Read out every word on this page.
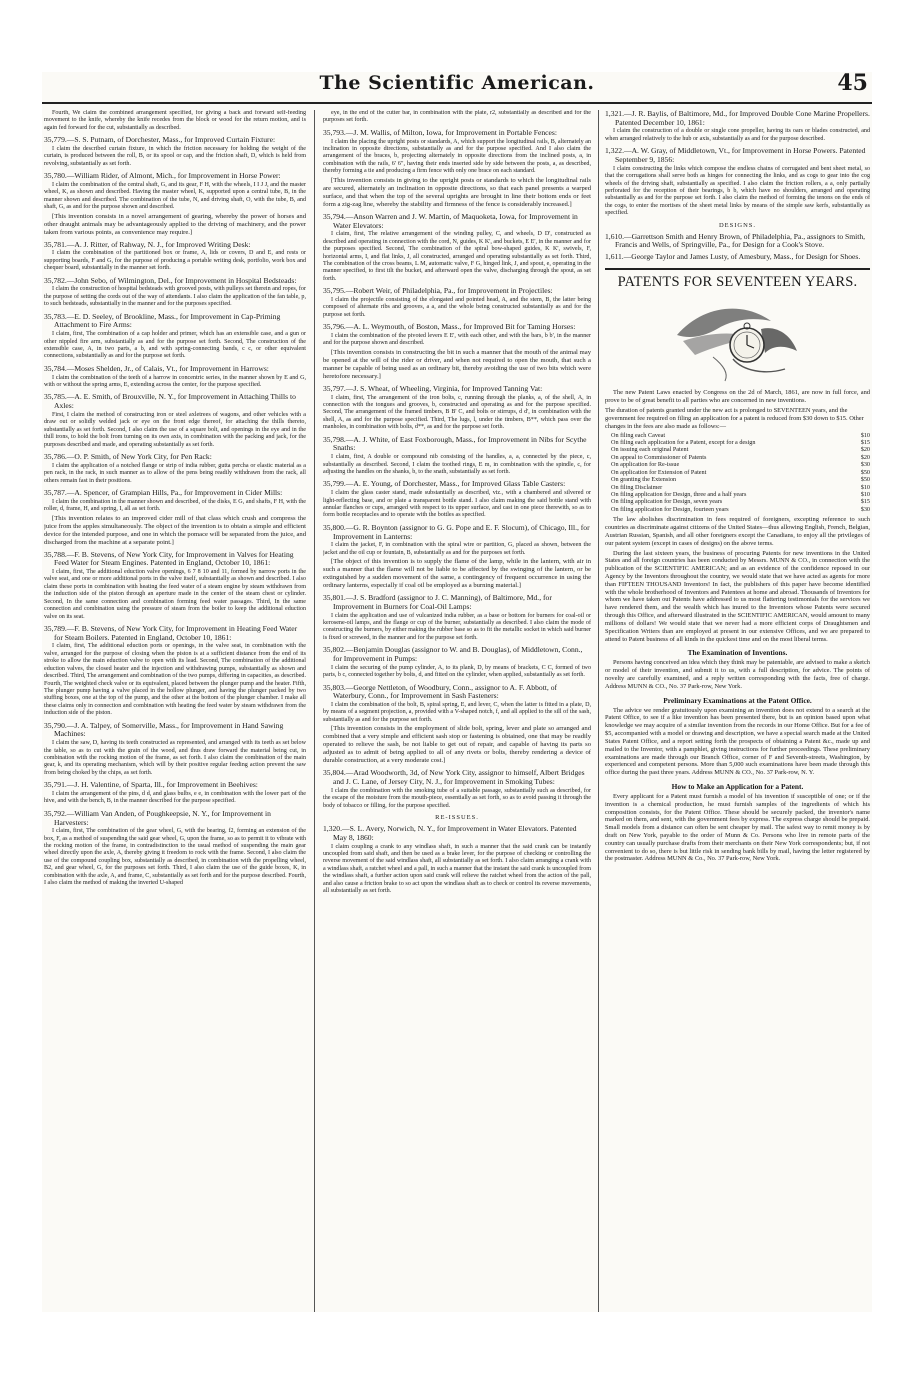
The Scientific American.	45
Fourth, We claim the combined arrangement specified, for giving a back and forward self-feeding movement to the knife, whereby the knife recedes from the block or wood for the return motion, and is again fed forward for the cut, substantially as described.
35,779.—S. S. Putnam, of Dorchester, Mass., for Improved Curtain Fixture:
I claim the described curtain fixture, in which the friction necessary for holding the weight of the curtain, is produced between the roll, B, or its spool or cap, and the friction shaft, D, which is held from revolving, substantially as set forth.
35,780.—William Rider, of Almont, Mich., for Improvement in Horse Power:
I claim the combination of the central shaft, G, and its gear, F H, with the wheels, I I J J, and the master wheel, K, as shown and described. Having the master wheel, K, supported upon a central tube, B, in the manner shown and described. The combination of the tube, N, and driving shaft, O, with the tube, B, and shaft, G, as and for the purpose shown and described.
[This invention consists in a novel arrangement of gearing, whereby the power of horses and other draught animals may be advantageously applied to the driving of machinery, and the power taken from various points, as convenience may require.]
35,781.—A. J. Ritter, of Rahway, N. J., for Improved Writing Desk:
I claim the combination of the partitioned box or frame, A, lids or covers, D and E, and rests or supporting boards, F and G, for the purpose of producing a portable writing desk, portfolio, work box and chequer board, substantially in the manner set forth.
35,782.—John Sebo, of Wilmington, Del., for Improvement in Hospital Bedsteads:
I claim the construction of hospital bedsteads with grooved posts, with pulleys set therein and ropes, for the purpose of setting the cords out of the way of attendants. I also claim the application of the fan table, p, to such bedsteads, substantially in the manner and for the purposes specified.
35,783.—E. D. Seeley, of Brookline, Mass., for Improvement in Cap-Priming Attachment to Fire Arms:
I claim, first, The combination of a cap holder and primer, which has an extensible case, and a gun or other nippled fire arm, substantially as and for the purpose set forth. Second, The construction of the extensible case, A, in two parts, a b, and with spring-connecting bands, c c, or other equivalent connections, substantially as and for the purpose set forth.
35,784.—Moses Shelden, Jr., of Calais, Vt., for Improvement in Harrows:
I claim the combination of the teeth of a harrow in concentric series, in the manner shown by E and G, with or without the spring arms, E, extending across the center, for the purpose specified.
35,785.—A. E. Smith, of Brouxville, N. Y., for Improvement in Attaching Thills to Axles:
First, I claim the method of constructing iron or steel axletrees of wagons, and other vehicles with a draw out or solidly welded jack or eye on the front edge thereof, for attaching the thills thereto, substantially as set forth. Second, I also claim the use of a square bolt, and openings in the eye and in the thill irons, to hold the bolt from turning on its own axis, in combination with the packing and jack, for the purposes described and made, and operating substantially as set forth.
35,786.—O. P. Smith, of New York City, for Pen Rack:
I claim the application of a notched flange or strip of india rubber, gutta percha or elastic material as a pen rack, in the rack, in such manner as to allow of the pens being readily withdrawn from the rack, all others remain fast in their positions.
35,787.—A. Spencer, of Grampian Hills, Pa., for Improvement in Cider Mills:
I claim the combination in the manner shown and described, of the disks, E G, and shafts, F H, with the roller, d, frame, H, and spring, I, all as set forth.
[This invention relates to an improved cider mill of that class which crush and compress the juice from the apples simultaneously. The object of the invention is to obtain a simple and efficient device for the intended purpose, and one in which the pomace will be separated from the juice, and discharged from the machine at a separate point.]
35,788.—F. B. Stevens, of New York City, for Improvement in Valves for Heating Feed Water for Steam Engines. Patented in England, October 10, 1861:
I claim, first, The additional eduction valve openings, 6 7 8 10 and 11, formed by narrow ports in the valve seat, and one or more additional ports in the valve itself, substantially as shown and described. I also claim these ports in combination with heating the feed water of a steam engine by steam withdrawn from the induction side of the piston through an aperture made in the center of the steam chest or cylinder. Second, In the same connection and combination forming feed water passages. Third, In the same connection and combination using the pressure of steam from the boiler to keep the additional eduction valve on its seat.
35,789.—F. B. Stevens, of New York City, for Improvement in Heating Feed Water for Steam Boilers. Patented in England, October 10, 1861:
I claim, first, The additional eduction ports or openings, in the valve seat, in combination with the valve, arranged for the purpose of closing when the piston is at a sufficient distance from the end of its stroke to allow the main eduction valve to open with its lead. Second, The combination of the additional eduction valves, the closed heater and the injection and withdrawing pumps, substantially as shown and described. Third, The arrangement and combination of the two pumps, differing in capacities, as described. Fourth, The weighted check valve or its equivalent, placed between the plunger pump and the heater. Fifth, The plunger pump having a valve placed in the hollow plunger, and having the plunger packed by two stuffing boxes, one at the top of the pump, and the other at the bottom of the plunger chamber. I make all these claims only in connection and combination with heating the feed water by steam withdrawn from the induction side of the piston.
35,790.—J. A. Talpey, of Somerville, Mass., for Improvement in Hand Sawing Machines:
I claim the saw, D, having its teeth constructed as represented, and arranged with its teeth as set below the table, so as to cut with the grain of the wood, and thus draw forward the material being cut, in combination with the rocking motion of the frame, as set forth. I also claim the combination of the main gear, k, and its operating mechanism, which will by their positive regular feeding action prevent the saw from being choked by the chips, as set forth.
35,791.—J. H. Valentine, of Sparta, Ill., for Improvement in Beehives:
I claim the arrangement of the pins, d d, and glass bulbs, e e, in combination with the lower part of the hive, and with the bench, B, in the manner described for the purpose specified.
35,792.—William Van Anden, of Poughkeepsie, N. Y., for Improvement in Harvesters:
I claim, first, The combination of the gear wheel, G, with the bearing, f2, forming an extension of the box, F, as a method of suspending the said gear wheel, G, upon the frame, so as to permit it to vibrate with the rocking motion of the frame, in contradistinction to the usual method of suspending the main gear wheel directly upon the axle, A, thereby giving it freedom to rock with the frame. Second, I also claim the use of the compound coupling box, substantially as described, in combination with the propelling wheel, B2, and gear wheel, G, for the purposes set forth. Third, I also claim the use of the guide boxes, K, in combination with the axle, A, and frame, C, substantially as set forth and for the purpose described. Fourth, I also claim the method of making the inverted U-shaped
eye, in the end of the cutter bar, in combination with the plate, r2, substantially as described and for the purposes set forth.
35,793.—J. M. Wallis, of Milton, Iowa, for Improvement in Portable Fences:
I claim the placing the upright posts or standards, A, which support the longitudinal rails, B, alternately an inclination in opposite directions, substantially as and for the purpose specified. And I also claim the arrangement of the braces, b, projecting alternately in opposite directions from the inclined posts, a, in combination with the rails, 6' 6", having their ends inserted side by side between the posts, a, as described, thereby forming a tie and producing a firm fence with only one brace on each standard.
[This invention consists in giving to the upright posts or standards to which the longitudinal rails are secured, alternately an inclination in opposite directions, so that each panel presents a warped surface, and that when the top of the several uprights are brought in line their bottom ends or feet form a zig-zag line, whereby the stability and firmness of the fence is considerably increased.]
35,794.—Anson Warren and J. W. Martin, of Maquoketa, Iowa, for Improvement in Water Elevators:
I claim, first, The relative arrangement of the winding pulley, C, and wheels, D D', constructed as described and operating in connection with the cord, N, guides, K K', and buckets, E E', in the manner and for the purposes specified. Second, The combination of the spiral bow-shaped guides, K K', swivels, F, horizontal arms, I, and flat links, J, all constructed, arranged and operating substantially as set forth. Third, The combination of the cross beams, L M, automatic valve, F G, hinged link, J, and spout, e, operating in the manner specified, to first tilt the bucket, and afterward open the valve, discharging through the spout, as set forth.
35,795.—Robert Weir, of Philadelphia, Pa., for Improvement in Projectiles:
I claim the projectile consisting of the elongated and pointed head, A, and the stem, B, the latter being composed of alternate ribs and grooves, a a, and the whole being constructed substantially as and for the purpose set forth.
35,796.—A. L. Weymouth, of Boston, Mass., for Improved Bit for Taming Horses:
I claim the combination of the pivoted levers E E', with each other, and with the bars, b b', in the manner and for the purpose shown and described.
[This invention consists in constructing the bit in such a manner that the mouth of the animal may be opened at the will of the rider or driver, and when not required to open the mouth, that such a manner be capable of being used as an ordinary bit, thereby avoiding the use of two bits which were heretofore necessary.]
35,797.—J. S. Wheat, of Wheeling, Virginia, for Improved Tanning Vat:
I claim, first, The arrangement of the iron bolts, c, running through the planks, a, of the shell, A, in connection with the tongues and grooves, b, constructed and operating as and for the purpose specified. Second, The arrangement of the framed timbers, B B' C, and bolts or stirrups, d d', in combination with the shell, A, as and for the purpose specified. Third, The lugs, l, under the timbers, B**, which pass over the manholes, in combination with bolts, d**, as and for the purpose set forth.
35,798.—A. J. White, of East Foxborough, Mass., for Improvement in Nibs for Scythe Snaths:
I claim, first, A double or compound nib consisting of the handles, a, a, connected by the piece, c, substantially as described. Second, I claim the toothed rings, E m, in combination with the spindle, c, for adjusting the handles on the shanks, b, to the snath, substantially as set forth.
35,799.—A. E. Young, of Dorchester, Mass., for Improved Glass Table Casters:
I claim the glass caster stand, made substantially as described, viz., with a chambered and silvered or light-reflecting base, and or plate a transparent bottle stand. I also claim making the said bottle stand with annular flanches or cups, arranged with respect to its upper surface, and cast in one piece therewith, so as to form bottle receptacles and to operate with the bottles as specified.
35,800.—G. R. Boynton (assignor to G. G. Pope and E. F. Slocum), of Chicago, Ill., for Improvement in Lanterns:
I claim the jacket, F, in combination with the spiral wire or partition, G, placed as shown, between the jacket and the oil cup or fountain, B, substantially as and for the purposes set forth.
[The object of this invention is to supply the flame of the lamp, while in the lantern, with air in such a manner that the flame will not be liable to be affected by the swinging of the lantern, or be extinguished by a sudden movement of the same, a contingency of frequent occurrence in using the ordinary lanterns, especially if coal oil be employed as a burning material.]
35,801.—J. S. Bradford (assignor to J. C. Manning), of Baltimore, Md., for Improvement in Burners for Coal-Oil Lamps:
I claim the application and use of vulcanized india rubber, as a base or bottom for burners for coal-oil or kerosene-oil lamps, and the flange or cup of the burner, substantially as described. I also claim the mode of constructing the burners, by either making the rubber base so as to fit the metallic socket in which said burner is fixed or screwed, in the manner and for the purpose set forth.
35,802.—Benjamin Douglas (assignor to W. and B. Douglas), of Middletown, Conn., for Improvement in Pumps:
I claim the securing of the pump cylinder, A, to its plank, D, by means of brackets, C C, formed of two parts, b c, connected together by bolts, d, and fitted on the cylinder, when applied, substantially as set forth.
35,803.—George Nettleton, of Woodbury, Conn., assignor to A. F. Abbott, of Waterbury, Conn., for Improvement in Sash Fasteners:
I claim the combination of the bolt, B, spiral spring, E, and lever, C, when the latter is fitted in a plate, D, by means of a segment projection, a, provided with a V-shaped notch, f, and all applied to the sill of the sash, substantially as and for the purpose set forth.
[This invention consists in the employment of slide bolt, spring, lever and plate so arranged and combined that a very simple and efficient sash stop or fastening is obtained, one that may be readily operated to relieve the sash, be not liable to get out of repair, and capable of having its parts so adjusted as to admit of being applied to all of any rivets or bolts, thereby rendering a device of durable construction, at a very moderate cost.]
35,804.—Arad Woodworth, 3d, of New York City, assignor to himself, Albert Bridges and J. C. Lane, of Jersey City, N. J., for Improvement in Smoking Tubes:
I claim the combination with the smoking tube of a suitable passage, substantially such as described, for the escape of the moisture from the mouth-piece, essentially as set forth, so as to avoid passing it through the body of tobacco or filling, for the purpose specified.
RE-ISSUES.
1,320.—S. L. Avery, Norwich, N. Y., for Improvement in Water Elevators. Patented May 8, 1860:
I claim coupling a crank to any windlass shaft, in such a manner that the said crank can be instantly uncoupled from said shaft, and then be used as a brake lever, for the purpose of checking or controlling the reverse movement of the said windlass shaft, all substantially as set forth. I also claim arranging a crank with a windlass shaft, a ratchet wheel and a pall, in such a manner that the instant the said crank is uncoupled from the windlass shaft, a further action upon said crank will relieve the ratchet wheel from the action of the pall, and also cause a friction brake to so act upon the windlass shaft as to check or control its reverse movements, all substantially as set forth.
1,321.—J. R. Baylis, of Baltimore, Md., for Improved Double Cone Marine Propellers. Patented December 10, 1861:
I claim the construction of a double or single cone propeller, having its oars or blades constructed, and when arranged relatively to the hub or axis, substantially as and for the purpose described.
1,322.—A. W. Gray, of Middletown, Vt., for Improvement in Horse Powers. Patented September 9, 1856:
I claim constructing the links which compose the endless chains of corrugated and bent sheet metal, so that the corrugations shall serve both as hinges for connecting the links, and as cogs to gear into the cog wheels of the driving shaft, substantially as specified. I also claim the friction rollers, a a, only partially perforated for the reception of their bearings, b b, which have no shoulders, arranged and operating substantially as and for the purpose set forth. I also claim the method of forming the tenons on the ends of the cogs, to enter the mortises of the sheet metal links by means of the simple saw kerfs, substantially as specified.
DESIGNS.
1,610.—Garrettson Smith and Henry Brown, of Philadelphia, Pa., assignors to Smith, Francis and Wells, of Springville, Pa., for Design for a Cook's Stove.
1,611.—George Taylor and James Lusty, of Amesbury, Mass., for Design for Shoes.
PATENTS FOR SEVENTEEN YEARS.
The new Patent Laws enacted by Congress on the 2d of March, 1861, are now in full force, and prove to be of great benefit to all parties who are concerned in new inventions.
The duration of patents granted under the new act is prolonged to SEVENTEEN years, and the government fee required on filing an application for a patent is reduced from $30 down to $15. Other changes in the fees are also made as follows:—
On filing each Caveat	$10
On filing each application for a Patent, except for a design	$15
On issuing each original Patent	$20
On appeal to Commissioner of Patents	$20
On application for Re-issue	$30
On application for Extension of Patent	$50
On granting the Extension	$50
On filing Disclaimer	$10
On filing application for Design, three and a half years	$10
On filing application for Design, seven years	$15
On filing application for Design, fourteen years	$30
The law abolishes discrimination in fees required of foreigners, excepting reference to such countries as discriminate against citizens of the United States—thus allowing English, French, Belgian, Austrian Russian, Spanish, and all other foreigners except the Canadians, to enjoy all the privileges of our patent system (except in cases of designs) on the above terms.
During the last sixteen years, the business of procuring Patents for new inventions in the United States and all foreign countries has been conducted by Messrs. MUNN & CO., in connection with the publication of the SCIENTIFIC AMERICAN; and as an evidence of the confidence reposed in our Agency by the Inventors throughout the country, we would state that we have acted as agents for more than FIFTEEN THOUSAND Inventors! In fact, the publishers of this paper have become identified with the whole brotherhood of Inventors and Patentees at home and abroad. Thousands of Inventors for whom we have taken out Patents have addressed to us most flattering testimonials for the services we have rendered them, and the wealth which has inured to the Inventors whose Patents were secured through this Office, and afterward illustrated in the SCIENTIFIC AMERICAN, would amount to many millions of dollars! We would state that we never had a more efficient corps of Draughtsmen and Specification Writers than are employed at present in our extensive Offices, and we are prepared to attend to Patent business of all kinds in the quickest time and on the most liberal terms.
The Examination of Inventions.
Persons having conceived an idea which they think may be patentable, are advised to make a sketch or model of their invention, and submit it to us, with a full description, for advice. The points of novelty are carefully examined, and a reply written corresponding with the facts, free of charge. Address MUNN & CO., No. 37 Park-row, New York.
Preliminary Examinations at the Patent Office.
The advice we render gratuitously upon examining an invention does not extend to a search at the Patent Office, to see if a like invention has been presented there, but is an opinion based upon what knowledge we may acquire of a similar invention from the records in our Home Office. But for a fee of $5, accompanied with a model or drawing and description, we have a special search made at the United States Patent Office, and a report setting forth the prospects of obtaining a Patent &c., made up and mailed to the Inventor, with a pamphlet, giving instructions for further proceedings. These preliminary examinations are made through our Branch Office, corner of F and Seventh-streets, Washington, by experienced and competent persons. More than 5,000 such examinations have been made through this office during the past three years. Address MUNN & CO., No. 37 Park-row, N. Y.
How to Make an Application for a Patent.
Every applicant for a Patent must furnish a model of his invention if susceptible of one; or if the invention is a chemical production, he must furnish samples of the ingredients of which his composition consists, for the Patent Office. These should be securely packed, the inventor's name marked on them, and sent, with the government fees by express. The express charge should be prepaid. Small models from a distance can often be sent cheaper by mail. The safest way to remit money is by draft on New York, payable to the order of Munn & Co. Persons who live in remote parts of the country can usually purchase drafts from their merchants on their New York correspondents; but, if not convenient to do so, there is but little risk in sending bank bills by mail, having the letter registered by the postmaster. Address MUNN & Co., No. 37 Park-row, New York.
